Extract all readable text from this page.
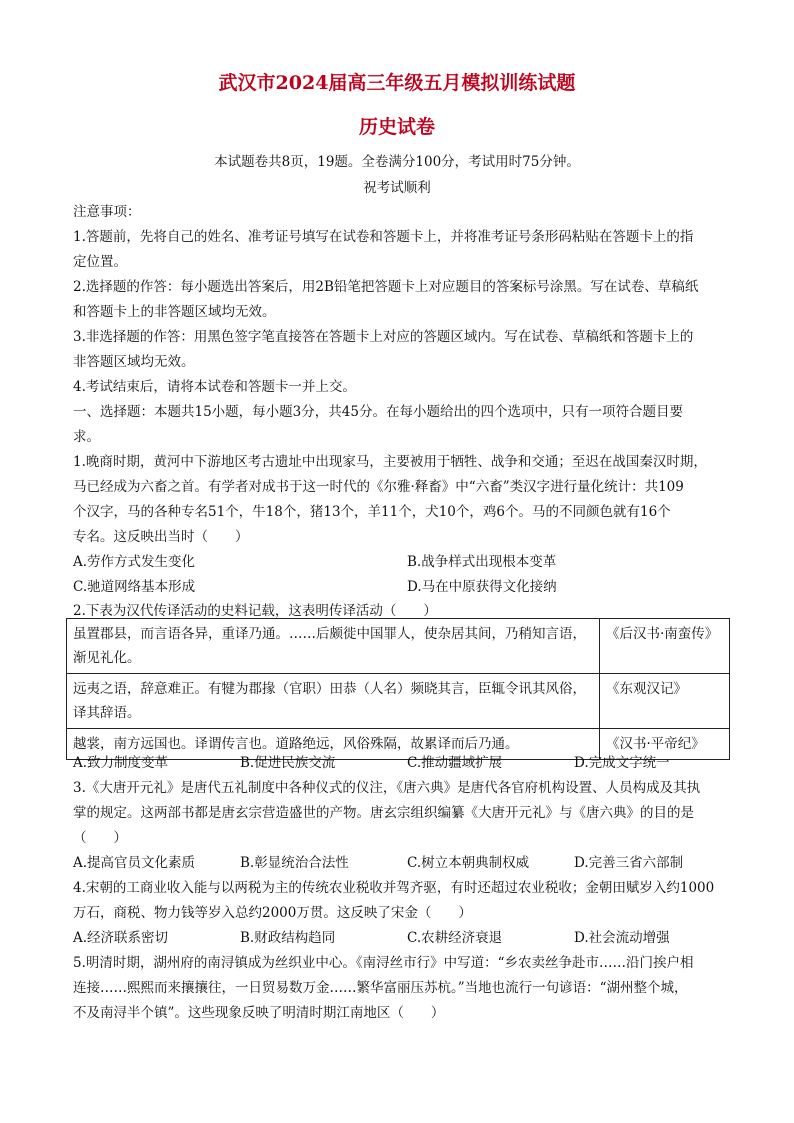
武汉市2024届高三年级五月模拟训练试题
历史试卷
本试题卷共8页，19题。全卷满分100分，考试用时75分钟。
祝考试顺利
注意事项：
1.答题前，先将自己的姓名、准考证号填写在试卷和答题卡上，并将准考证号条形码粘贴在答题卡上的指
定位置。
2.选择题的作答：每小题选出答案后，用2B铅笔把答题卡上对应题目的答案标号涂黑。写在试卷、草稿纸
和答题卡上的非答题区域均无效。
3.非选择题的作答：用黑色签字笔直接答在答题卡上对应的答题区域内。写在试卷、草稿纸和答题卡上的
非答题区域均无效。
4.考试结束后，请将本试卷和答题卡一并上交。
一、选择题：本题共15小题，每小题3分，共45分。在每小题给出的四个选项中，只有一项符合题目要
求。
1.晚商时期，黄河中下游地区考古遗址中出现家马，主要被用于牺牲、战争和交通；至迟在战国秦汉时期，
马已经成为六畜之首。有学者对成书于这一时代的《尔雅·释畜》中“六畜”类汉字进行量化统计：共109
个汉字，马的各种专名51个，牛18个，猪13个，羊11个，犬10个，鸡6个。马的不同颜色就有16个
专名。这反映出当时（　　）
A.劳作方式发生变化	B.战争样式出现根本变革
C.驰道网络基本形成	D.马在中原获得文化接纳
2.下表为汉代传译活动的史料记载，这表明传译活动（　　）
虽置郡县，而言语各异，重译乃通。……后颇徙中国罪人，使杂居其间，乃稍知言语，渐见礼化。	《后汉书·南蛮传》
远夷之语，辞意难正。有犍为郡掾（官职）田恭（人名）频晓其言，臣辄令讯其风俗，译其辞语。	《东观汉记》
越裳，南方远国也。译谓传言也。道路绝远，风俗殊隔，故累译而后乃通。	《汉书·平帝纪》
A.致力制度变革	B.促进民族交流	C.推动疆域扩展	D.完成文字统一
3.《大唐开元礼》是唐代五礼制度中各种仪式的仪注，《唐六典》是唐代各官府机构设置、人员构成及其执
掌的规定。这两部书都是唐玄宗营造盛世的产物。唐玄宗组织编纂《大唐开元礼》与《唐六典》的目的是
（　　）
A.提高官员文化素质	B.彰显统治合法性	C.树立本朝典制权威	D.完善三省六部制
4.宋朝的工商业收入能与以两税为主的传统农业税收并驾齐驱，有时还超过农业税收；金朝田赋岁入约1000
万石，商税、物力钱等岁入总约2000万贯。这反映了宋金（　　）
A.经济联系密切	B.财政结构趋同	C.农耕经济衰退	D.社会流动增强
5.明清时期，湖州府的南浔镇成为丝织业中心。《南浔丝市行》中写道：“乡农卖丝争赴市……沿门挨户相
连接……熙熙而来攘攘往，一日贸易数万金……繁华富丽压苏杭。”当地也流行一句谚语：“湖州整个城，
不及南浔半个镇”。这些现象反映了明清时期江南地区（　　）
